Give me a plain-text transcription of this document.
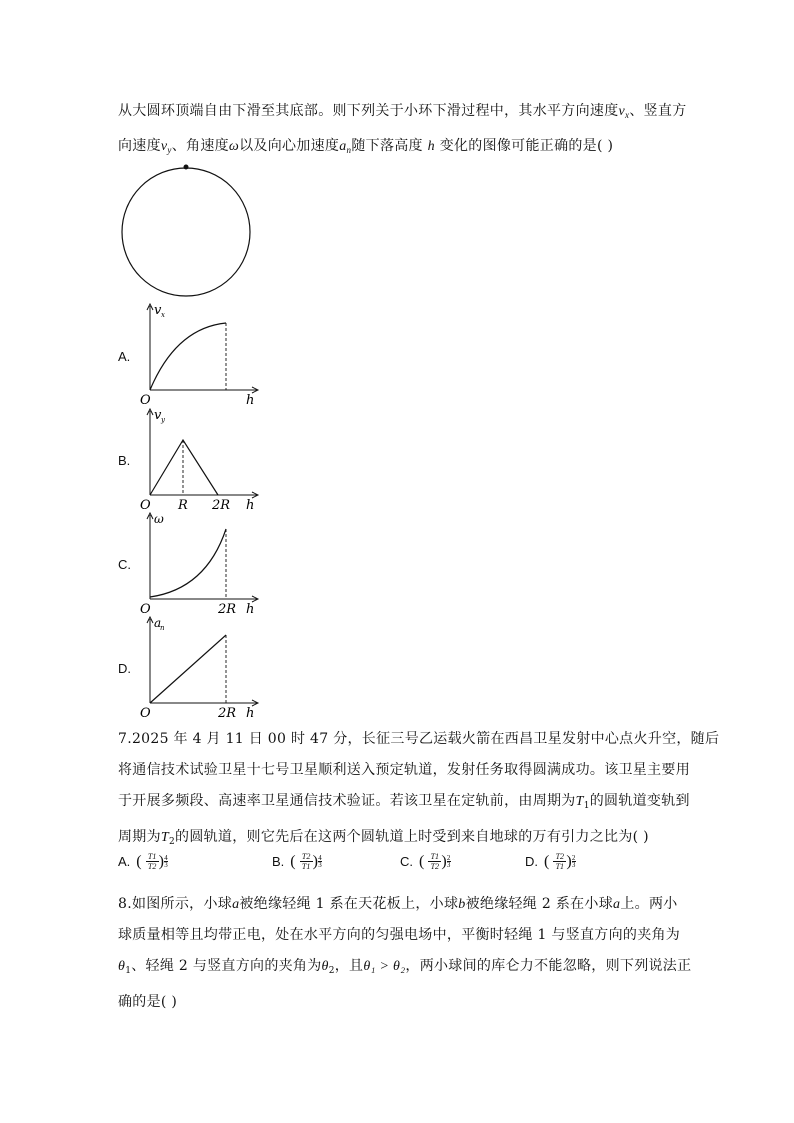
从大圆环顶端自由下滑至其底部。则下列关于小环下滑过程中，其水平方向速度$v_x$、竖直方
向速度$v_y$、角速度ω以及向心加速度$a_n$随下落高度 h 变化的图像可能正确的是( )
A.
v x
O	h
B.
v y
O R 2R h
C.
ω
O	2R h
D.
a
n
O	2R h
7.2025 年 4 月 11 日 00 时 47 分，长征三号乙运载火箭在西昌卫星发射中心点火升空，随后
将通信技术试验卫星十七号卫星顺利送入预定轨道，发射任务取得圆满成功。该卫星主要用
于开展多频段、高速率卫星通信技术验证。若该卫星在定轨前，由周期为$T_1$的圆轨道变轨到
周期为$T_2$的圆轨道，则它先后在这两个圆轨道上时受到来自地球的万有引力之比为( )
A. ( $\frac{T1}{T2}$ ) 4
3	B. ( $\frac{T2}{T1}$ ) 4
3	C. ( $\frac{T1}{T2}$ ) 2
3	D. ( $\frac{T2}{T1}$ ) 2
3
8.如图所示，小球a被绝缘轻绳 1 系在天花板上，小球b被绝缘轻绳 2 系在小球a上。两小
球质量相等且均带正电，处在水平方向的匀强电场中，平衡时轻绳 1 与竖直方向的夹角为
$\theta_1$、轻绳 2 与竖直方向的夹角为$\theta_2$，且θ₁ > θ₂，两小球间的库仑力不能忽略，则下列说法正
确的是( )
